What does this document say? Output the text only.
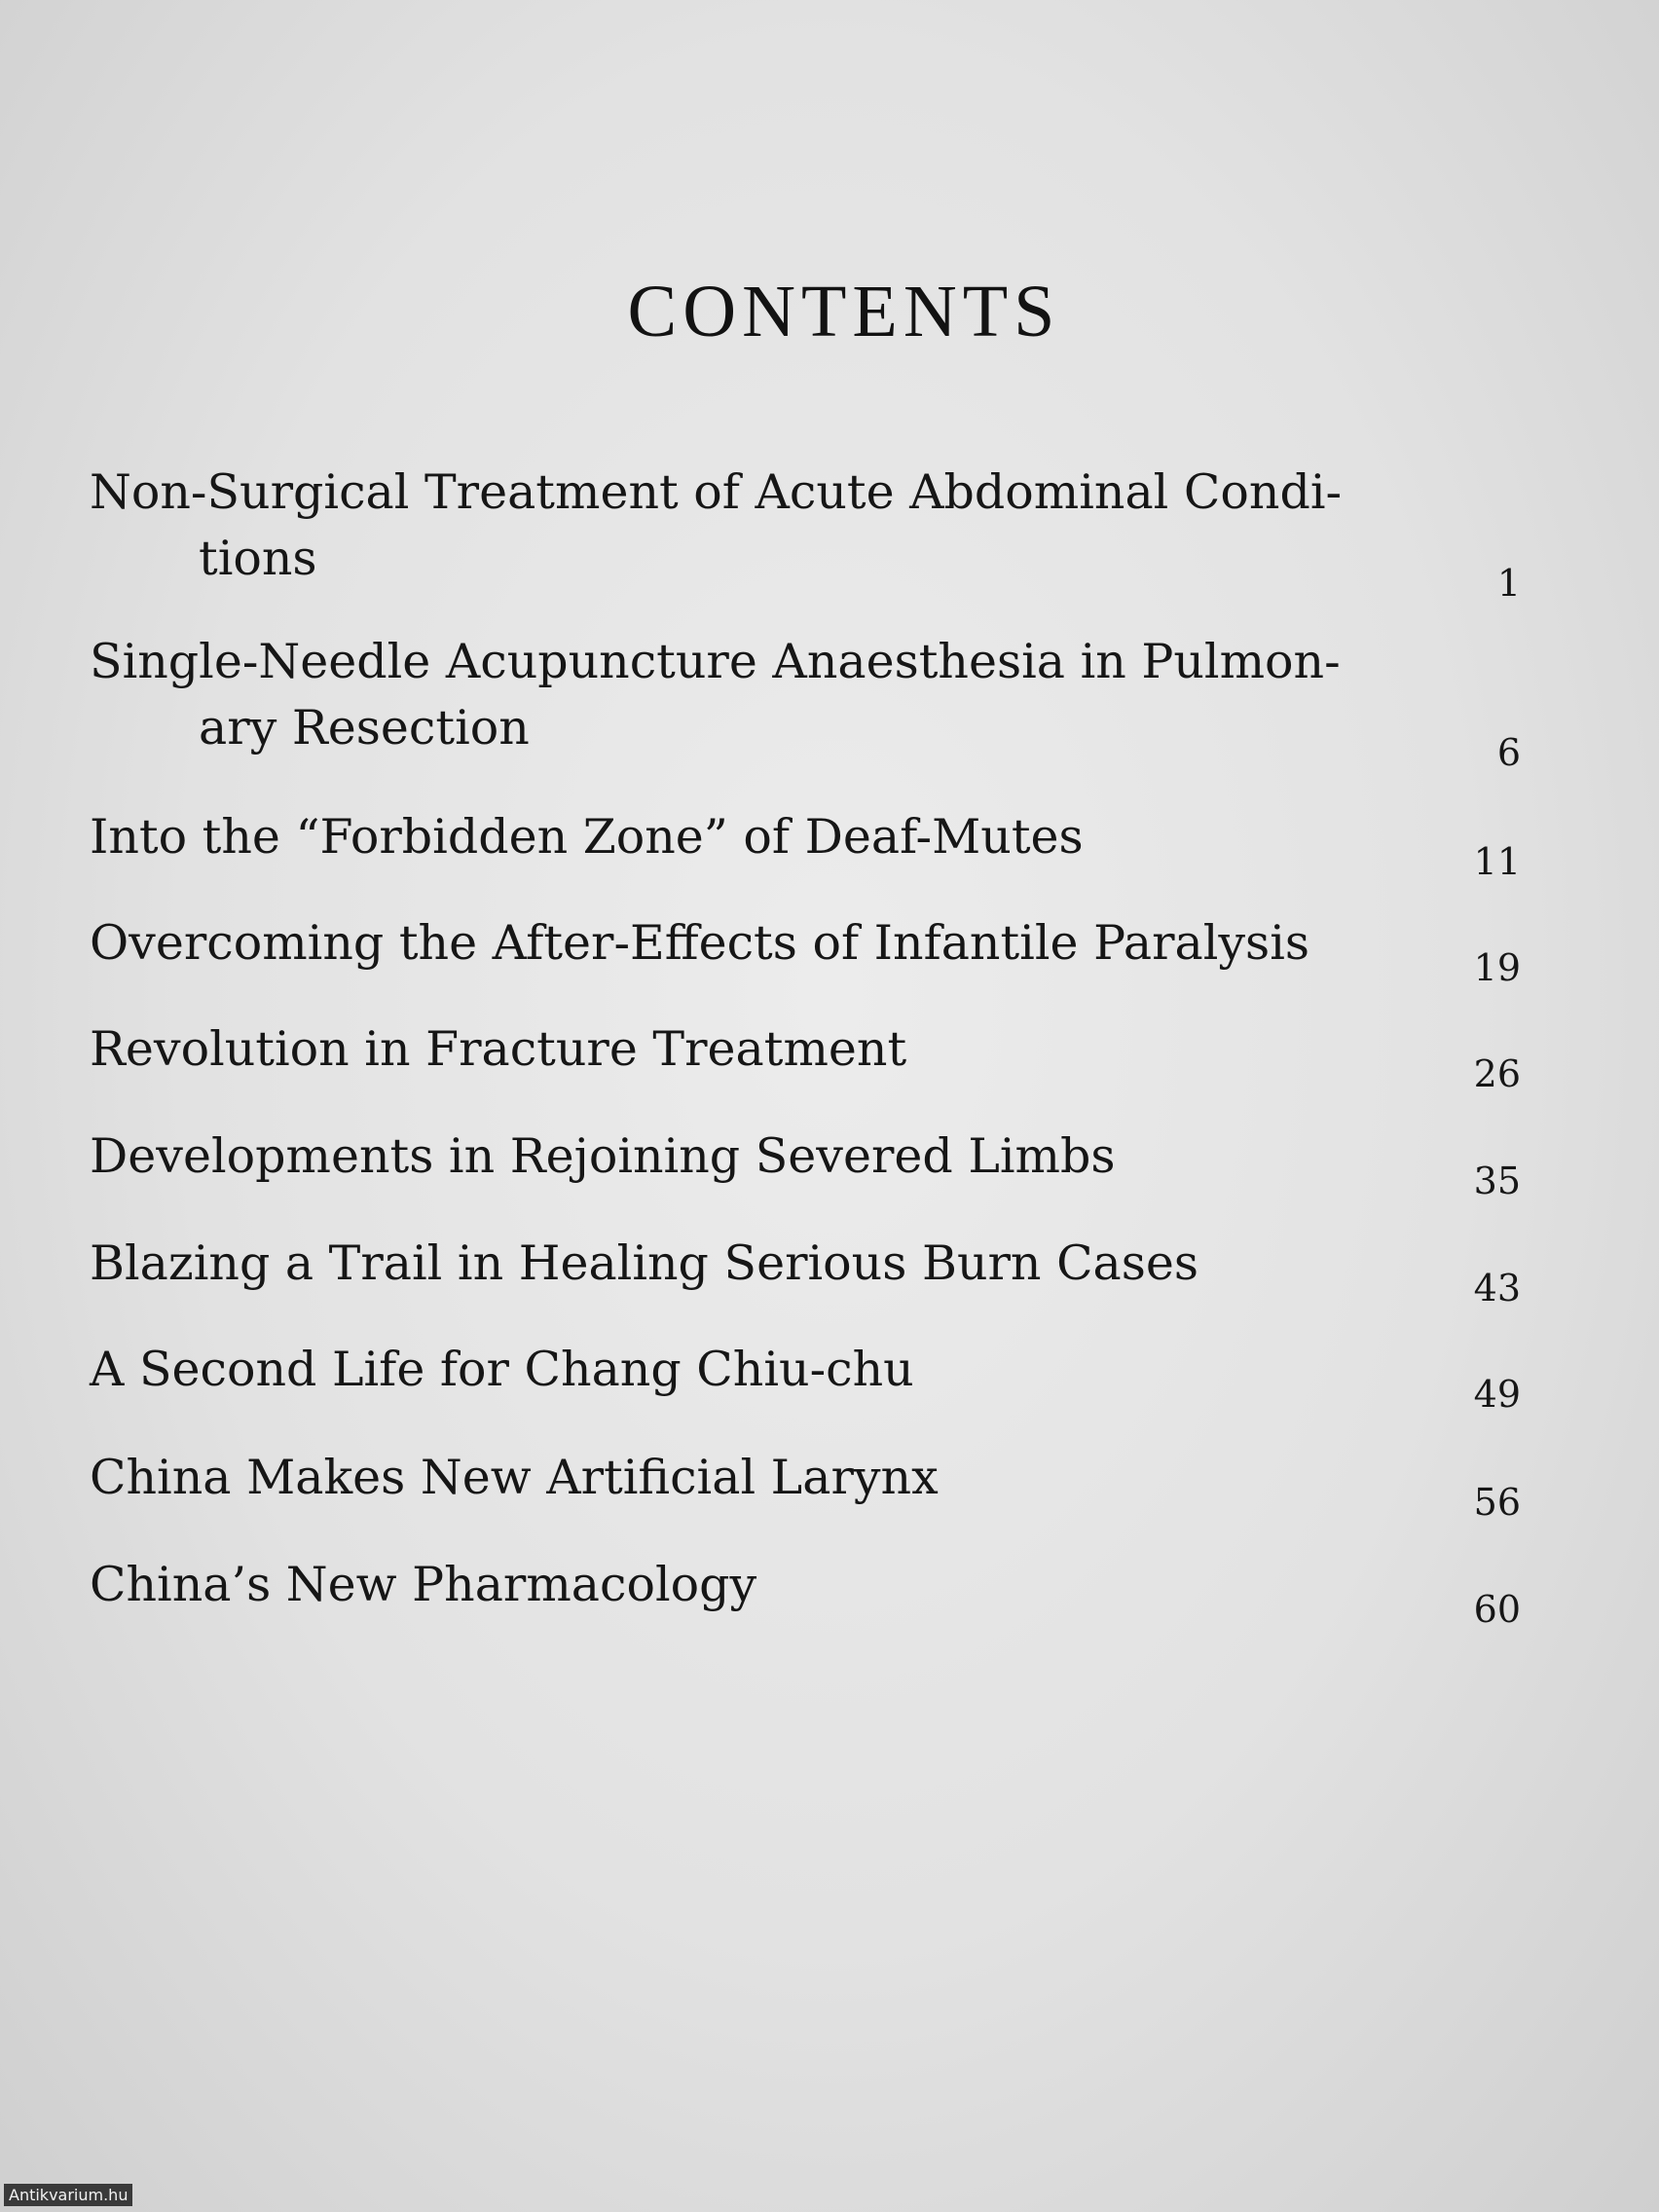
CONTENTS
Non-Surgical Treatment of Acute Abdominal Condi-
tions	1
Single-Needle Acupuncture Anaesthesia in Pulmon-
ary Resection	6
Into the “Forbidden Zone” of Deaf-Mutes	11
Overcoming the After-Effects of Infantile Paralysis	19
Revolution in Fracture Treatment	26
Developments in Rejoining Severed Limbs	35
Blazing a Trail in Healing Serious Burn Cases	43
A Second Life for Chang Chiu-chu	49
China Makes New Artificial Larynx	56
China’s New Pharmacology	60
Antikvarium.hu
